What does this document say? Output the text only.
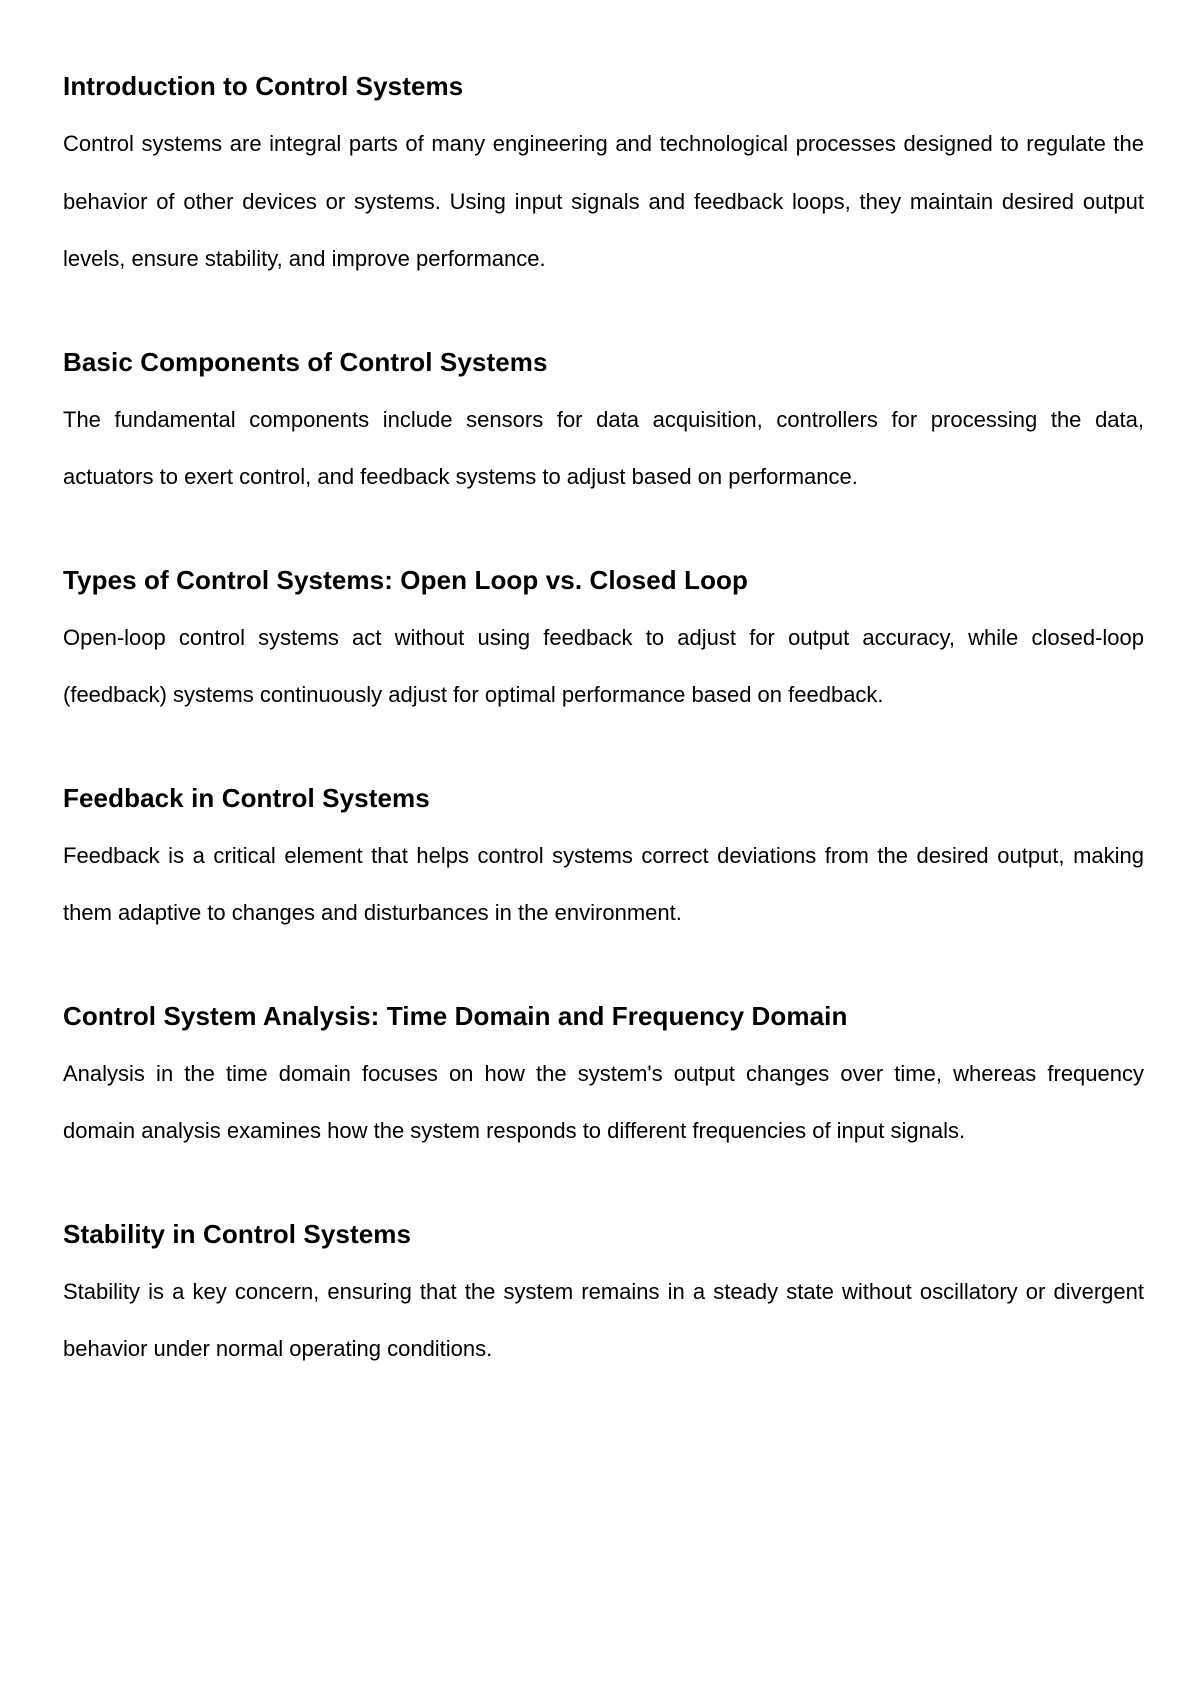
Introduction to Control Systems

Control systems are integral parts of many engineering and technological processes designed to regulate the behavior of other devices or systems. Using input signals and feedback loops, they maintain desired output levels, ensure stability, and improve performance.

Basic Components of Control Systems

The fundamental components include sensors for data acquisition, controllers for processing the data, actuators to exert control, and feedback systems to adjust based on performance.

Types of Control Systems: Open Loop vs. Closed Loop

Open-loop control systems act without using feedback to adjust for output accuracy, while closed-loop (feedback) systems continuously adjust for optimal performance based on feedback.

Feedback in Control Systems

Feedback is a critical element that helps control systems correct deviations from the desired output, making them adaptive to changes and disturbances in the environment.

Control System Analysis: Time Domain and Frequency Domain

Analysis in the time domain focuses on how the system's output changes over time, whereas frequency domain analysis examines how the system responds to different frequencies of input signals.

Stability in Control Systems

Stability is a key concern, ensuring that the system remains in a steady state without oscillatory or divergent behavior under normal operating conditions.
